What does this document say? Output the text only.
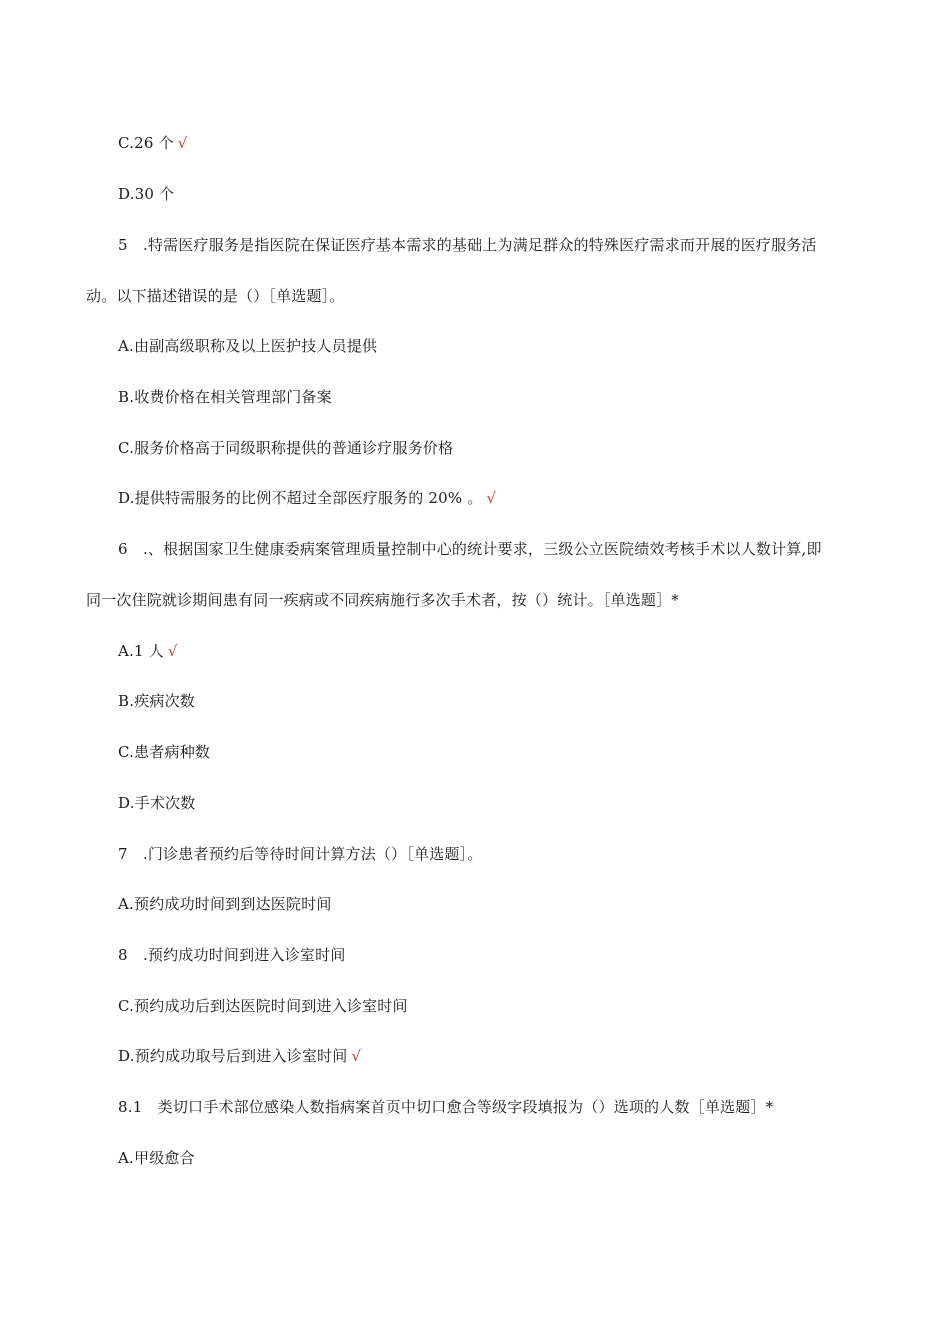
C.26 个 √
D.30 个
5　.特需医疗服务是指医院在保证医疗基本需求的基础上为满足群众的特殊医疗需求而开展的医疗服务活
动。以下描述错误的是（）［单选题］。
A.由副高级职称及以上医护技人员提供
B.收费价格在相关管理部门备案
C.服务价格高于同级职称提供的普通诊疗服务价格
D.提供特需服务的比例不超过全部医疗服务的 20% 。 √
6　.、根据国家卫生健康委病案管理质量控制中心的统计要求，三级公立医院绩效考核手术以人数计算,即
同一次住院就诊期间患有同一疾病或不同疾病施行多次手术者，按（）统计。［单选题］*
A.1 人 √
B.疾病次数
C.患者病种数
D.手术次数
7　.门诊患者预约后等待时间计算方法（）［单选题］。
A.预约成功时间到到达医院时间
8　.预约成功时间到进入诊室时间
C.预约成功后到达医院时间到进入诊室时间
D.预约成功取号后到进入诊室时间 √
8.1　类切口手术部位感染人数指病案首页中切口愈合等级字段填报为（）选项的人数［单选题］*
A.甲级愈合
